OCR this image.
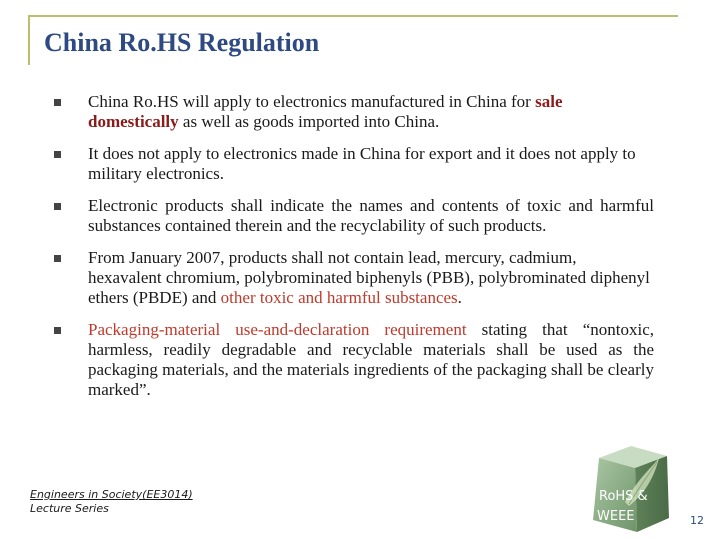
China Ro.HS Regulation
China Ro.HS will apply to electronics manufactured in China for sale domestically as well as goods imported into China.
It does not apply to electronics made in China for export and it does not apply to military electronics.
Electronic products shall indicate the names and contents of toxic and harmful substances contained therein and the recyclability of such products.
From January 2007, products shall not contain lead, mercury, cadmium, hexavalent chromium, polybrominated biphenyls (PBB), polybrominated diphenyl ethers (PBDE) and other toxic and harmful substances.
Packaging-material use-and-declaration requirement stating that “nontoxic, harmless, readily degradable and recyclable materials shall be used as the packaging materials, and the materials ingredients of the packaging shall be clearly marked”.
Engineers in Society(EE3014)
Lecture Series
RoHS &
WEEE	12
